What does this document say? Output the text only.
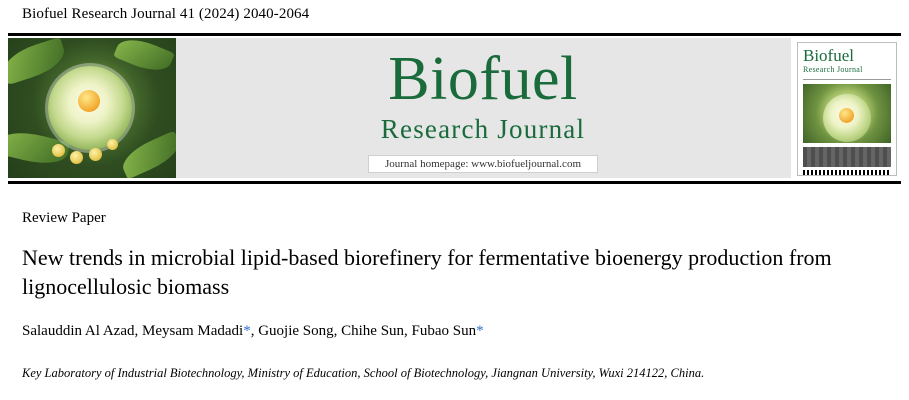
Biofuel Research Journal 41 (2024) 2040-2064
Biofuel
Research Journal
Journal homepage: www.biofueljournal.com
Biofuel
Research Journal
Review Paper
New trends in microbial lipid-based biorefinery for fermentative bioenergy production from lignocellulosic biomass
Salauddin Al Azad, Meysam Madadi*, Guojie Song, Chihe Sun, Fubao Sun*
Key Laboratory of Industrial Biotechnology, Ministry of Education, School of Biotechnology, Jiangnan University, Wuxi 214122, China.
